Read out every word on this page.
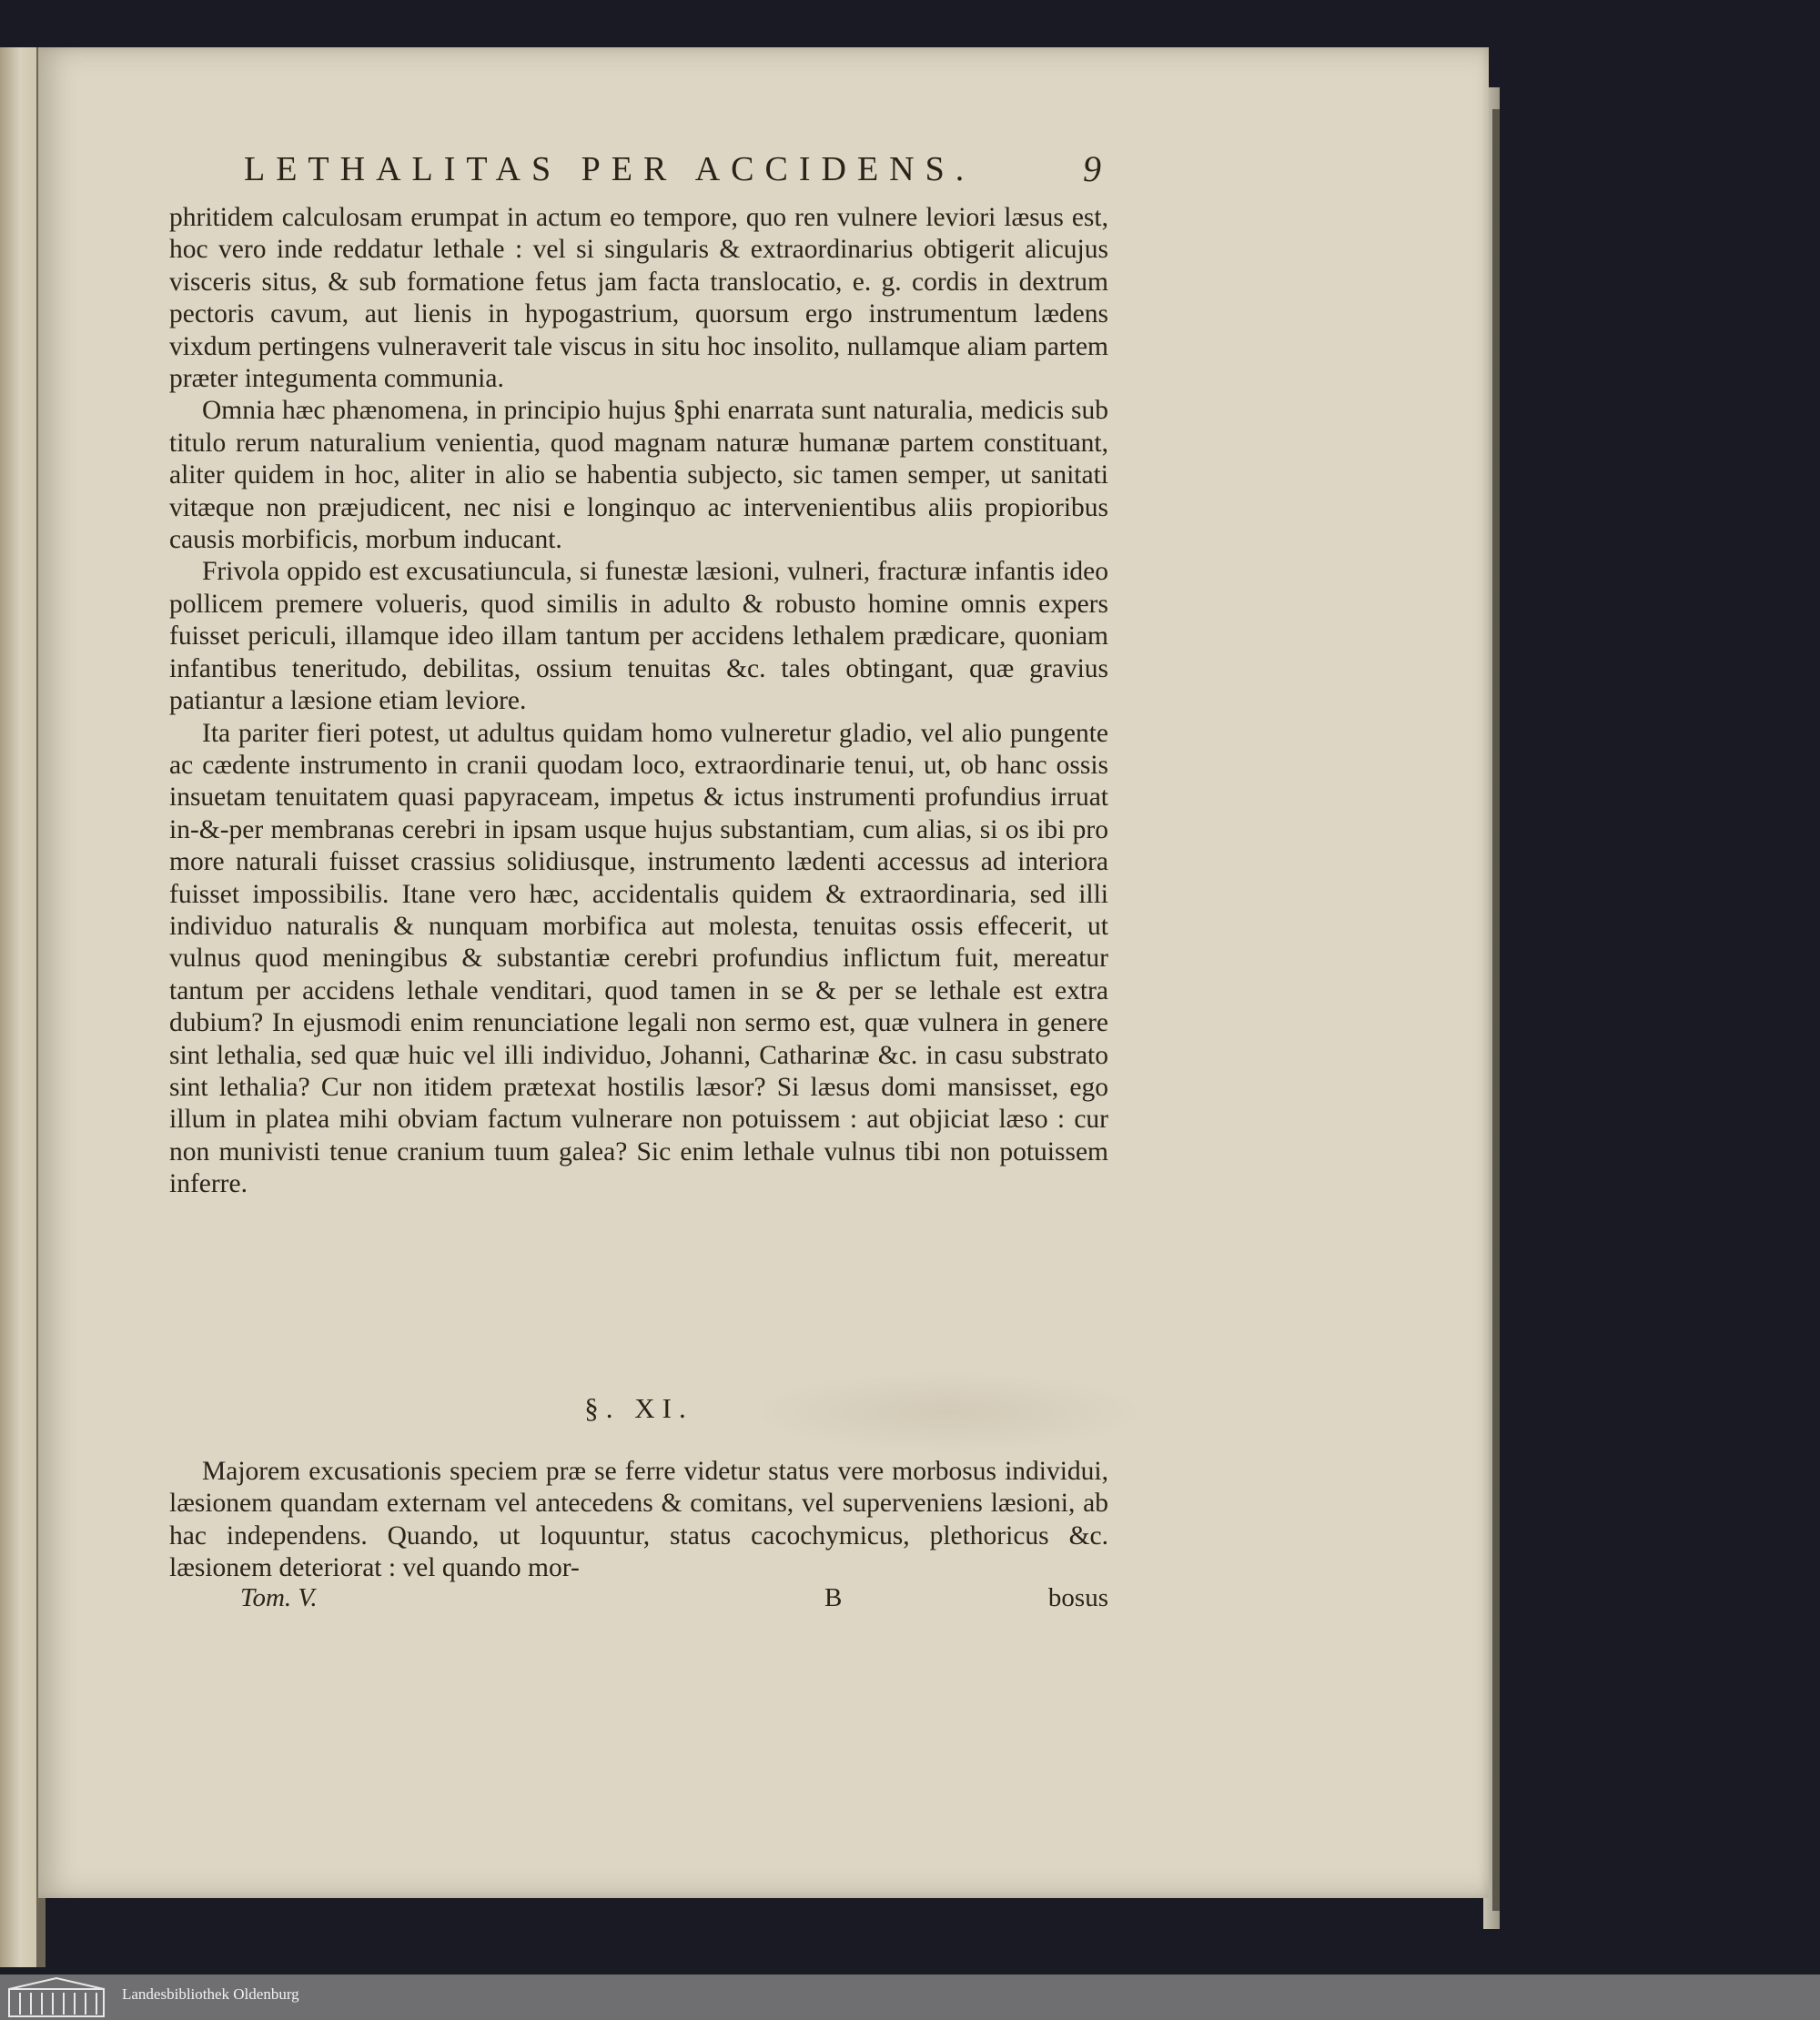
LETHALITAS PER ACCIDENS.	9

phritidem calculosam erumpat in actum eo tempore, quo ren vulnere leviori læsus est, hoc vero inde reddatur lethale : vel si singularis & extraordinarius obtigerit alicujus visceris situs, & sub formatione fetus jam facta translocatio, e. g. cordis in dextrum pectoris cavum, aut lienis in hypogastrium, quorsum ergo instrumentum lædens vixdum pertingens vulneraverit tale viscus in situ hoc insolito, nullamque aliam partem præter integumenta communia.

Omnia hæc phænomena, in principio hujus §phi enarrata sunt naturalia, medicis sub titulo rerum naturalium venientia, quod magnam naturæ humanæ partem constituant, aliter quidem in hoc, aliter in alio se habentia subjecto, sic tamen semper, ut sanitati vitæque non præjudicent, nec nisi e longinquo ac intervenientibus aliis propioribus causis morbificis, morbum inducant.

Frivola oppido est excusatiuncula, si funestæ læsioni, vulneri, fracturæ infantis ideo pollicem premere volueris, quod similis in adulto & robusto homine omnis expers fuisset periculi, illamque ideo illam tantum per accidens lethalem prædicare, quoniam infantibus teneritudo, debilitas, ossium tenuitas &c. tales obtingant, quæ gravius patiantur a læsione etiam leviore.

Ita pariter fieri potest, ut adultus quidam homo vulneretur gladio, vel alio pungente ac cædente instrumento in cranii quodam loco, extraordinarie tenui, ut, ob hanc ossis insuetam tenuitatem quasi papyraceam, impetus & ictus instrumenti profundius irruat in-&-per membranas cerebri in ipsam usque hujus substantiam, cum alias, si os ibi pro more naturali fuisset crassius solidiusque, instrumento lædenti accessus ad interiora fuisset impossibilis. Itane vero hæc, accidentalis quidem & extraordinaria, sed illi individuo naturalis & nunquam morbifica aut molesta, tenuitas ossis effecerit, ut vulnus quod meningibus & substantiæ cerebri profundius inflictum fuit, mereatur tantum per accidens lethale venditari, quod tamen in se & per se lethale est extra dubium? In ejusmodi enim renunciatione legali non sermo est, quæ vulnera in genere sint lethalia, sed quæ huic vel illi individuo, Johanni, Catharinæ &c. in casu substrato sint lethalia? Cur non itidem prætexat hostilis læsor? Si læsus domi mansisset, ego illum in platea mihi obviam factum vulnerare non potuissem : aut objiciat læso : cur non munivisti tenue cranium tuum galea? Sic enim lethale vulnus tibi non potuissem inferre.

§. XI.

Majorem excusationis speciem præ se ferre videtur status vere morbosus individui, læsionem quandam externam vel antecedens & comitans, vel superveniens læsioni, ab hac independens. Quando, ut loquuntur, status cacochymicus, plethoricus &c. læsionem deteriorat : vel quando mor-

Tom. V.	B	bosus
Landesbibliothek Oldenburg
